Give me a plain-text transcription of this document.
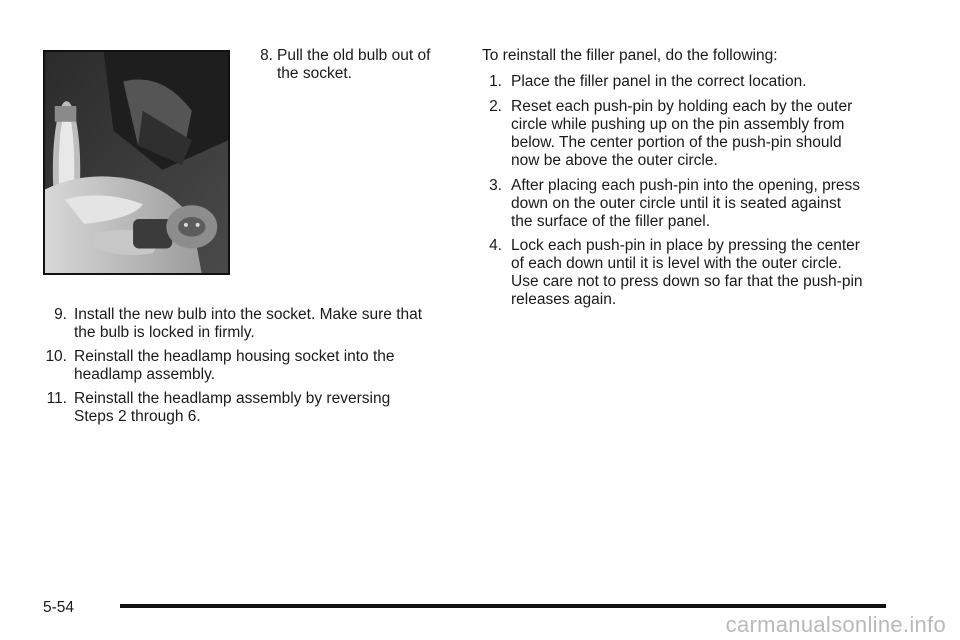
8. Pull the old bulb out of
the socket.
9. Install the new bulb into the socket. Make sure that
the bulb is locked in firmly.
10. Reinstall the headlamp housing socket into the
headlamp assembly.
11. Reinstall the headlamp assembly by reversing
Steps 2 through 6.
To reinstall the filler panel, do the following:
1. Place the filler panel in the correct location.
2. Reset each push-pin by holding each by the outer
circle while pushing up on the pin assembly from
below. The center portion of the push-pin should
now be above the outer circle.
3. After placing each push-pin into the opening, press
down on the outer circle until it is seated against
the surface of the filler panel.
4. Lock each push-pin in place by pressing the center
of each down until it is level with the outer circle.
Use care not to press down so far that the push-pin
releases again.
5-54
carmanualsonline.info
